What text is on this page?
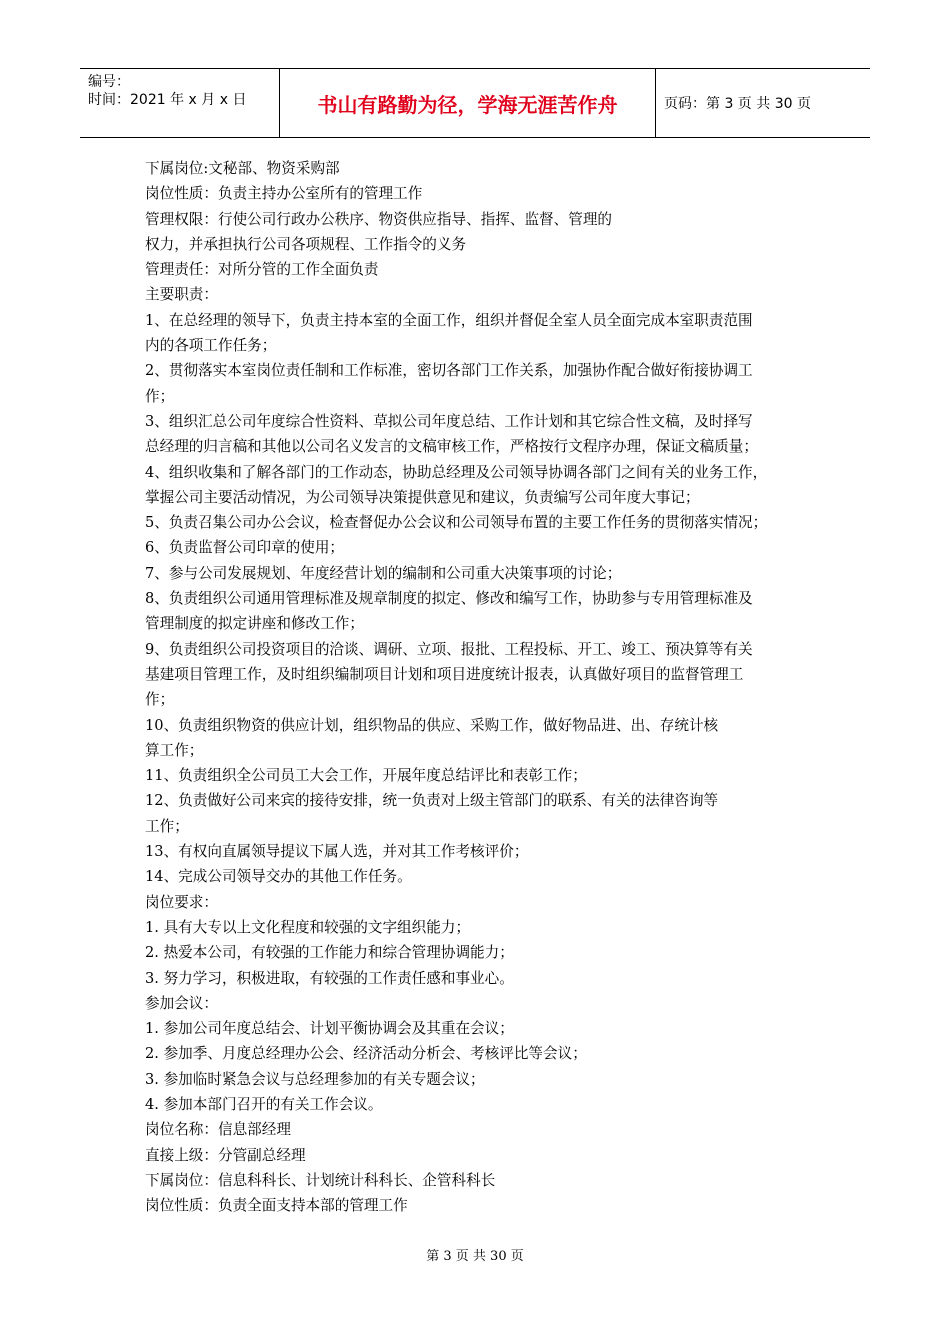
编号：
时间：2021 年 x 月 x 日	书山有路勤为径，学海无涯苦作舟	页码：第 3 页 共 30 页
下属岗位:文秘部、物资采购部
岗位性质：负责主持办公室所有的管理工作
管理权限：行使公司行政办公秩序、物资供应指导、指挥、监督、管理的
权力，并承担执行公司各项规程、工作指令的义务
管理责任：对所分管的工作全面负责
主要职责：
1、在总经理的领导下，负责主持本室的全面工作，组织并督促全室人员全面完成本室职责范围
内的各项工作任务；
2、贯彻落实本室岗位责任制和工作标准，密切各部门工作关系，加强协作配合做好衔接协调工
作；
3、组织汇总公司年度综合性资料、草拟公司年度总结、工作计划和其它综合性文稿，及时择写
总经理的归言稿和其他以公司名义发言的文稿审核工作，严格按行文程序办理，保证文稿质量；
4、组织收集和了解各部门的工作动态，协助总经理及公司领导协调各部门之间有关的业务工作，
掌握公司主要活动情况，为公司领导决策提供意见和建议，负责编写公司年度大事记；
5、负责召集公司办公会议，检查督促办公会议和公司领导布置的主要工作任务的贯彻落实情况；
6、负责监督公司印章的使用；
7、参与公司发展规划、年度经营计划的编制和公司重大决策事项的讨论；
8、负责组织公司通用管理标准及规章制度的拟定、修改和编写工作，协助参与专用管理标准及
管理制度的拟定讲座和修改工作；
9、负责组织公司投资项目的洽谈、调研、立项、报批、工程投标、开工、竣工、预决算等有关
基建项目管理工作，及时组织编制项目计划和项目进度统计报表，认真做好项目的监督管理工
作；
10、负责组织物资的供应计划，组织物品的供应、采购工作，做好物品进、出、存统计核
算工作；
11、负责组织全公司员工大会工作，开展年度总结评比和表彰工作；
12、负责做好公司来宾的接待安排，统一负责对上级主管部门的联系、有关的法律咨询等
工作；
13、有权向直属领导提议下属人选，并对其工作考核评价；
14、完成公司领导交办的其他工作任务。
岗位要求：
1. 具有大专以上文化程度和较强的文字组织能力；
2. 热爱本公司，有较强的工作能力和综合管理协调能力；
3. 努力学习，积极进取，有较强的工作责任感和事业心。
参加会议：
1. 参加公司年度总结会、计划平衡协调会及其重在会议；
2. 参加季、月度总经理办公会、经济活动分析会、考核评比等会议；
3. 参加临时紧急会议与总经理参加的有关专题会议；
4. 参加本部门召开的有关工作会议。
岗位名称：信息部经理
直接上级：分管副总经理
下属岗位：信息科科长、计划统计科科长、企管科科长
岗位性质：负责全面支持本部的管理工作
第 3 页 共 30 页
